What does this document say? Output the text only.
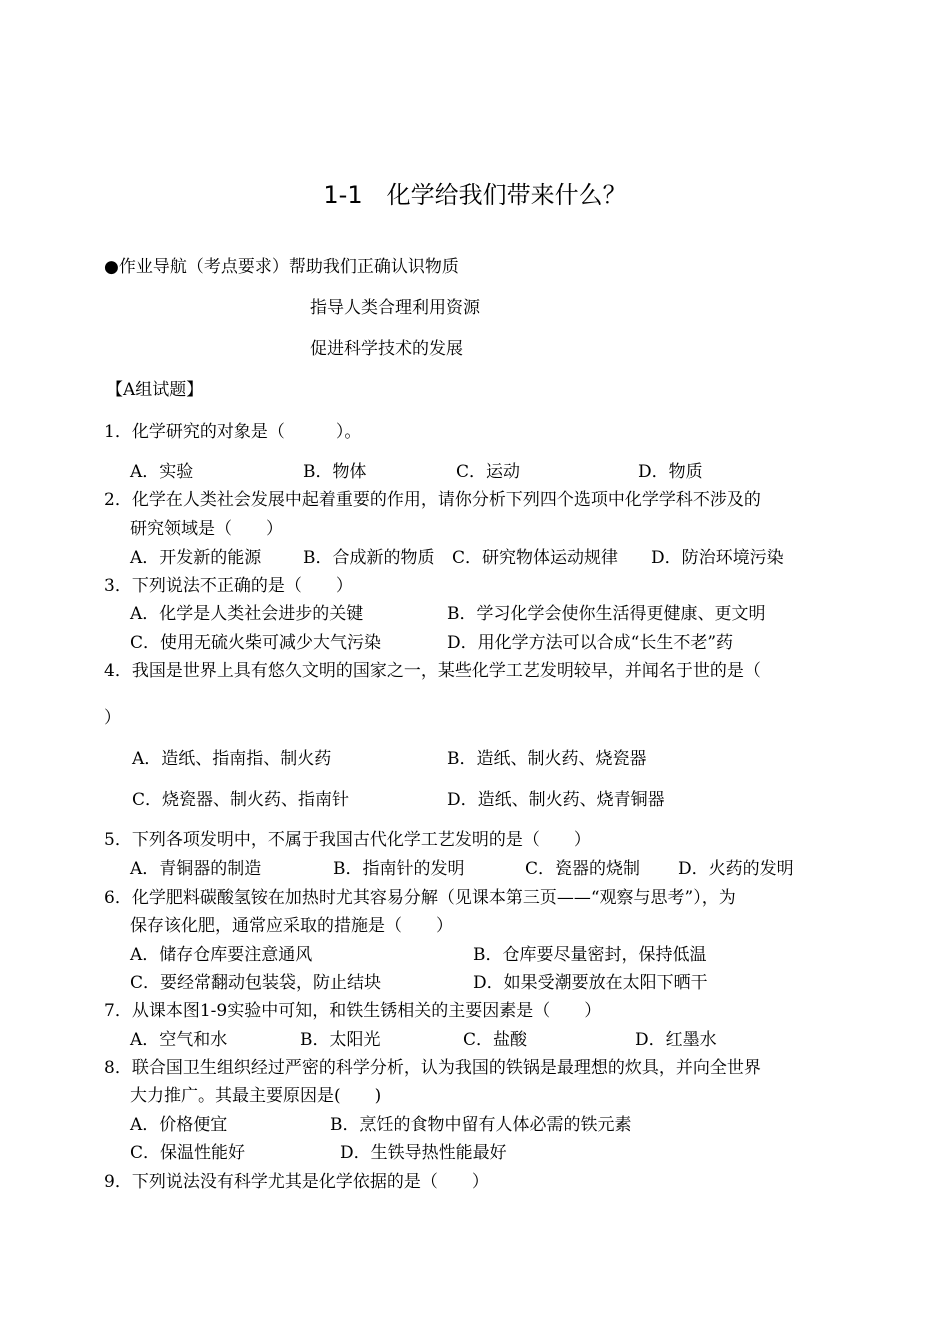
1-1　化学给我们带来什么？
●作业导航（考点要求）帮助我们正确认识物质
指导人类合理利用资源
促进科学技术的发展
【A组试题】
1．化学研究的对象是（　　　）。
A．实验	B．物体	C．运动	D．物质
2．化学在人类社会发展中起着重要的作用，请你分析下列四个选项中化学学科不涉及的
研究领域是（　　）
A．开发新的能源 B．合成新的物质 C．研究物体运动规律 D．防治环境污染
3．下列说法不正确的是（　　）
A．化学是人类社会进步的关键	B．学习化学会使你生活得更健康、更文明
C．使用无硫火柴可减少大气污染	D．用化学方法可以合成“长生不老”药
4．我国是世界上具有悠久文明的国家之一，某些化学工艺发明较早，并闻名于世的是（
）
A．造纸、指南指、制火药	B．造纸、制火药、烧瓷器
C．烧瓷器、制火药、指南针	D．造纸、制火药、烧青铜器
5．下列各项发明中，不属于我国古代化学工艺发明的是（　　）
A．青铜器的制造	B．指南针的发明	C．瓷器的烧制 D．火药的发明
6．化学肥料碳酸氢铵在加热时尤其容易分解（见课本第三页——“观察与思考”），为
保存该化肥，通常应采取的措施是（　　）
A．储存仓库要注意通风	B．仓库要尽量密封，保持低温
C．要经常翻动包装袋，防止结块	D．如果受潮要放在太阳下晒干
7．从课本图1-9实验中可知，和铁生锈相关的主要因素是（　　）
A．空气和水	B．太阳光	C．盐酸	D．红墨水
8．联合国卫生组织经过严密的科学分析，认为我国的铁锅是最理想的炊具，并向全世界
大力推广。其最主要原因是(　　)
A．价格便宜	B．烹饪的食物中留有人体必需的铁元素
C．保温性能好	D．生铁导热性能最好
9．下列说法没有科学尤其是化学依据的是（　　）
